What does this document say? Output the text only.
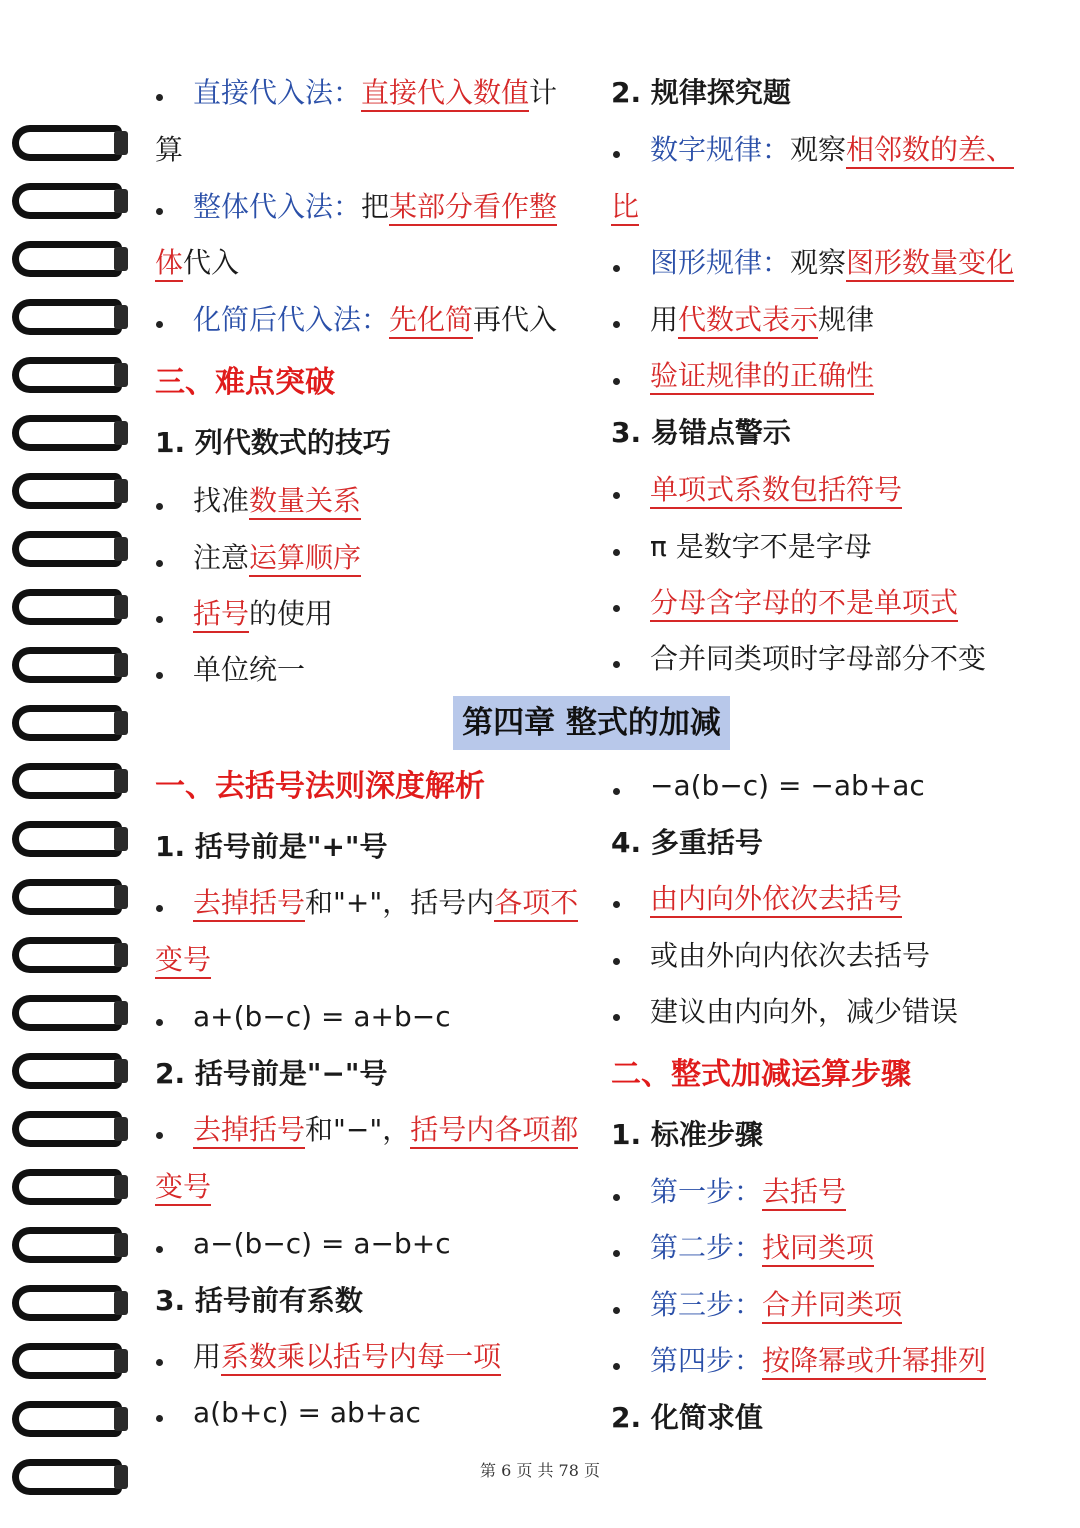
直接代入法：直接代入数值计
算
整体代入法：把某部分看作整
体代入
化简后代入法：先化简再代入
三、难点突破
1. 列代数式的技巧
找准数量关系
注意运算顺序
括号的使用
单位统一
2. 规律探究题
数字规律：观察相邻数的差、
比
图形规律：观察图形数量变化
用代数式表示规律
验证规律的正确性
3. 易错点警示
单项式系数包括符号
π 是数字不是字母
分母含字母的不是单项式
合并同类项时字母部分不变
第四章 整式的加减
一、去括号法则深度解析
1. 括号前是"+"号
去掉括号和"+"，括号内各项不
变号
a+(b−c) = a+b−c
2. 括号前是"−"号
去掉括号和"−"，括号内各项都
变号
a−(b−c) = a−b+c
3. 括号前有系数
用系数乘以括号内每一项
a(b+c) = ab+ac
−a(b−c) = −ab+ac
4. 多重括号
由内向外依次去括号
或由外向内依次去括号
建议由内向外，减少错误
二、整式加减运算步骤
1. 标准步骤
第一步：去括号
第二步：找同类项
第三步：合并同类项
第四步：按降幂或升幂排列
2. 化简求值
第 6 页 共 78 页
